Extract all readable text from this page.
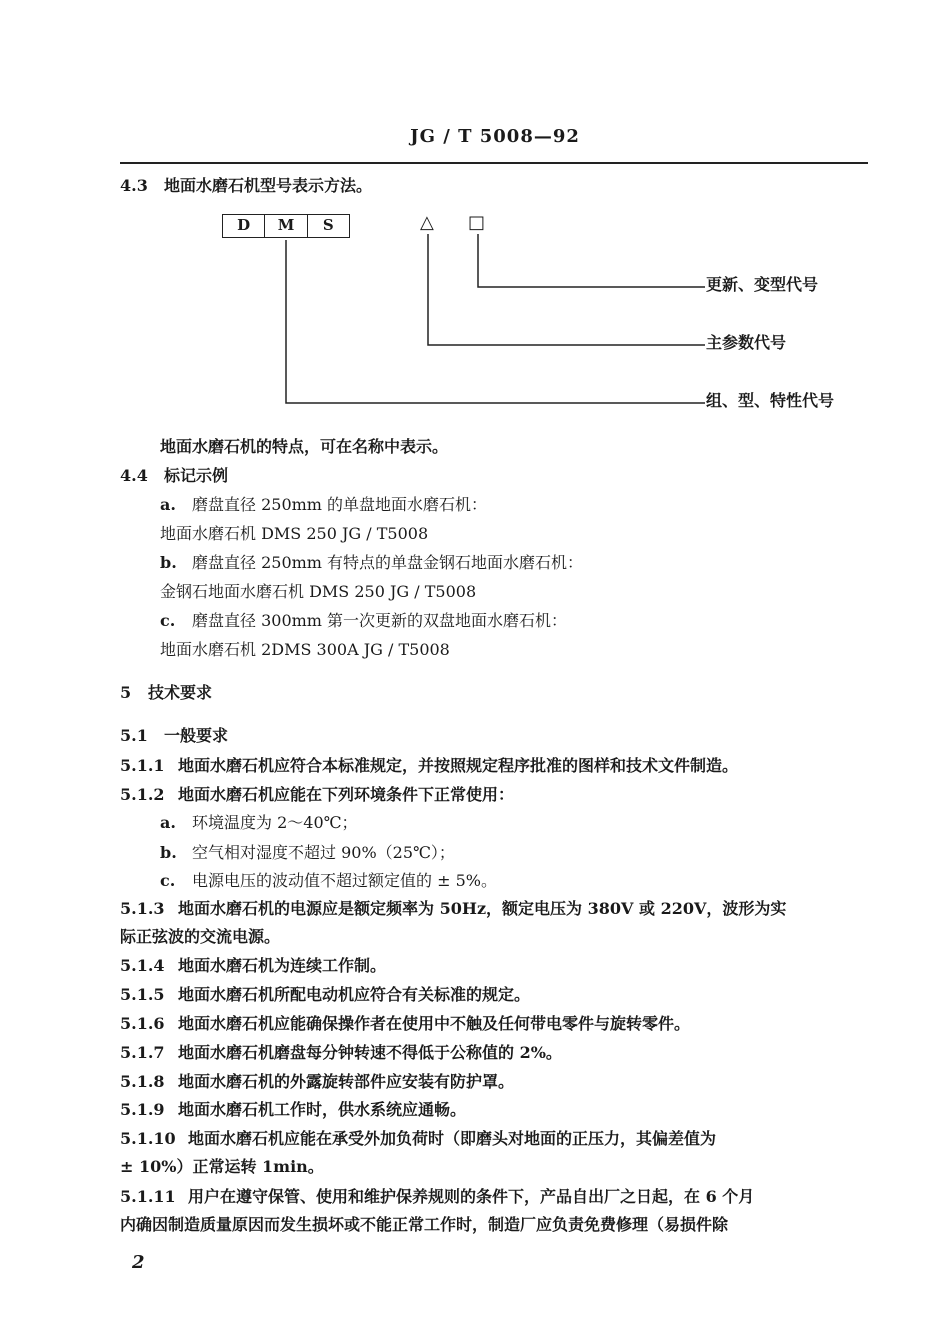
JG / T 5008—92
4.3 地面水磨石机型号表示方法。
D	M	S	△ □
更新、变型代号
主参数代号
组、型、特性代号
地面水磨石机的特点，可在名称中表示。
4.4 标记示例
a. 磨盘直径 250mm 的单盘地面水磨石机：
地面水磨石机 DMS 250 JG / T5008
b. 磨盘直径 250mm 有特点的单盘金钢石地面水磨石机：
金钢石地面水磨石机 DMS 250 JG / T5008
c. 磨盘直径 300mm 第一次更新的双盘地面水磨石机：
地面水磨石机 2DMS 300A JG / T5008
5 技术要求
5.1 一般要求
5.1.1 地面水磨石机应符合本标准规定，并按照规定程序批准的图样和技术文件制造。
5.1.2 地面水磨石机应能在下列环境条件下正常使用：
a. 环境温度为 2～40℃；
b. 空气相对湿度不超过 90%（25℃）；
c. 电源电压的波动值不超过额定值的 ± 5%。
5.1.3 地面水磨石机的电源应是额定频率为 50Hz，额定电压为 380V 或 220V，波形为实
际正弦波的交流电源。
5.1.4 地面水磨石机为连续工作制。
5.1.5 地面水磨石机所配电动机应符合有关标准的规定。
5.1.6 地面水磨石机应能确保操作者在使用中不触及任何带电零件与旋转零件。
5.1.7 地面水磨石机磨盘每分钟转速不得低于公称值的 2%。
5.1.8 地面水磨石机的外露旋转部件应安装有防护罩。
5.1.9 地面水磨石机工作时，供水系统应通畅。
5.1.10 地面水磨石机应能在承受外加负荷时（即磨头对地面的正压力，其偏差值为
± 10%）正常运转 1min。
5.1.11 用户在遵守保管、使用和维护保养规则的条件下，产品自出厂之日起，在 6 个月
内确因制造质量原因而发生损坏或不能正常工作时，制造厂应负责免费修理（易损件除
2
